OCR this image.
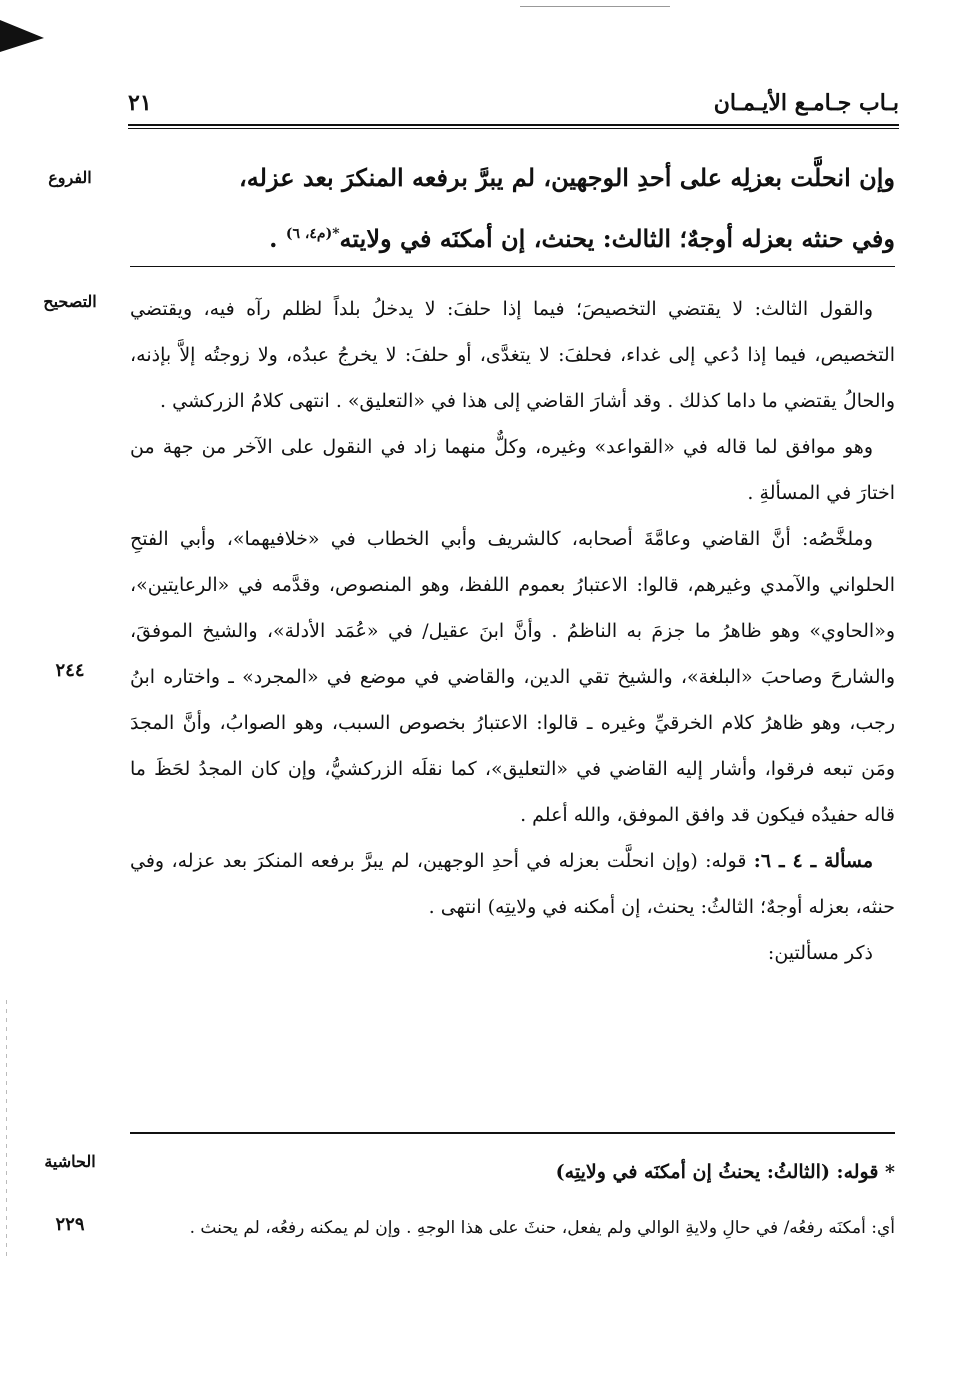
بـاب جـامـع الأيـمـان
٢١
الفروع	وإن انحلَّت بعزلِه على أحدِ الوجهين، لم يبرَّ برفعه المنكرَ بعد عزله،
وفي حنثه بعزله أوجهٌ؛ الثالث: يحنث، إن أمكنَه في ولايته$^{*(م٤، ٦)}$ .
التصحيح
٢٤٤

والقول الثالث: لا يقتضي التخصيصَ؛ فيما إذا حلفَ: لا يدخلُ بلداً لظلم رآه فيه، ويقتضي التخصيص، فيما إذا دُعي إلى غداء، فحلفَ: لا يتغدَّى، أو حلفَ: لا يخرجُ عبدُه، ولا زوجتُه إلاَّ بإذنه، والحالُ يقتضي ما داما كذلك . وقد أشارَ القاضي إلى هذا في «التعليق» . انتهى كلامُ الزركشي .

وهو موافق لما قاله في «القواعد» وغيره، وكلٌّ منهما زاد في النقول على الآخر من جهة من اختارَ في المسألةِ .

وملخَّصُه: أنَّ القاضي وعامَّةَ أصحابه، كالشريف وأبي الخطاب في «خلافيهما»، وأبي الفتحِ الحلواني والآمدي وغيرهم، قالوا: الاعتبارُ بعموم اللفظ، وهو المنصوص، وقدَّمه في «الرعايتين»، و«الحاوي» وهو ظاهرُ ما جزمَ به الناظمُ . وأنَّ ابنَ عقيل/ في «عُمَد الأدلة»، والشيخ الموفقَ، والشارحَ وصاحبَ «البلغة»، والشيخ تقي الدين، والقاضي في موضع في «المجرد» ـ واختاره ابنُ رجب، وهو ظاهرُ كلام الخرقيِّ وغيره ـ قالوا: الاعتبارُ بخصوص السبب، وهو الصوابُ، وأنَّ المجدَ ومَن تبعه فرقوا، وأشار إليه القاضي في «التعليق»، كما نقلَه الزركشيُّ، وإن كان المجدُ لحَظَ ما قاله حفيدُه فيكون قد وافق الموفق، والله أعلم .

مسألة ـ ٤ ـ ٦: قوله: (وإن انحلَّت بعزله في أحدِ الوجهين، لم يبرَّ برفعه المنكرَ بعد عزله، وفي حنثه، بعزله أوجهٌ؛ الثالثُ: يحنث، إن أمكنه في ولايتِه) انتهى .

ذكر مسألتين:

الحاشية
٢٢٩
* قوله: (الثالثُ: يحنثُ إن أمكنَه في ولايتِه)
أي: أمكنَه رفعُه/ في حالِ ولايةِ الوالي ولم يفعل، حنثَ على هذا الوجهِ . وإن لم يمكنه رفعُه، لم يحنث .
